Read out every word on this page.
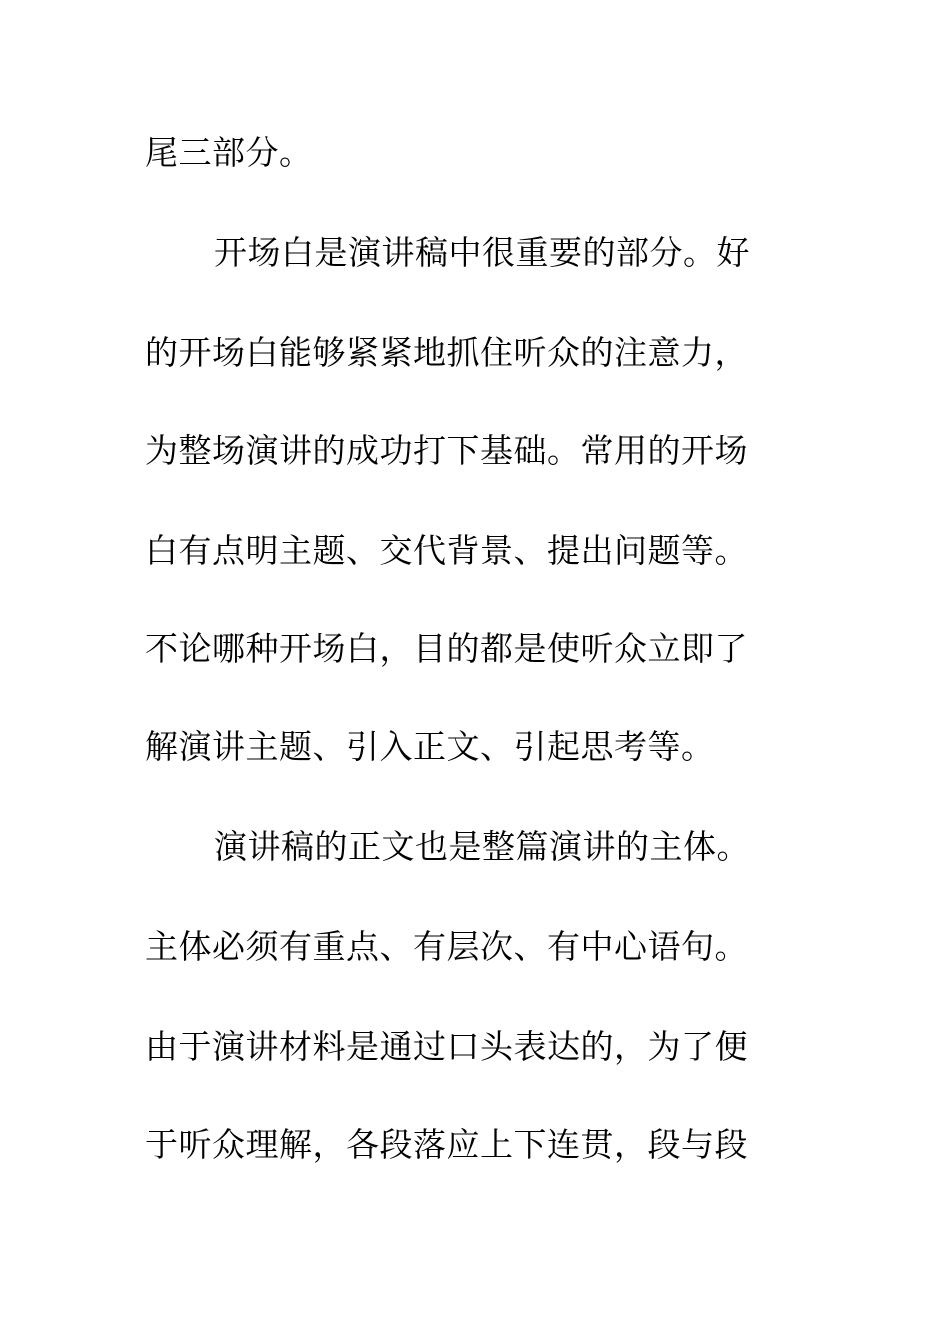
尾三部分。
开场白是演讲稿中很重要的部分。好
的开场白能够紧紧地抓住听众的注意力，
为整场演讲的成功打下基础。常用的开场
白有点明主题、交代背景、提出问题等。
不论哪种开场白，目的都是使听众立即了
解演讲主题、引入正文、引起思考等。
演讲稿的正文也是整篇演讲的主体。
主体必须有重点、有层次、有中心语句。
由于演讲材料是通过口头表达的，为了便
于听众理解，各段落应上下连贯，段与段
